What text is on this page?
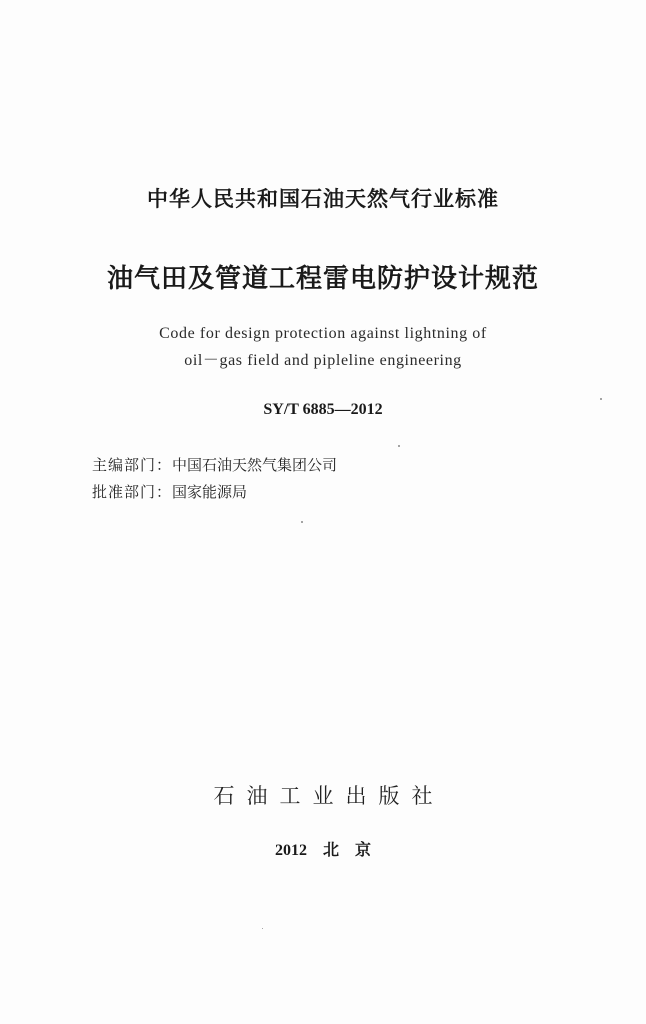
中华人民共和国石油天然气行业标准
油气田及管道工程雷电防护设计规范
Code for design protection against lightning of
oil－gas field and pipleline engineering
SY/T 6885—2012
主编部门：中国石油天然气集团公司
批准部门：国家能源局
石油工业出版社
2012 北 京
